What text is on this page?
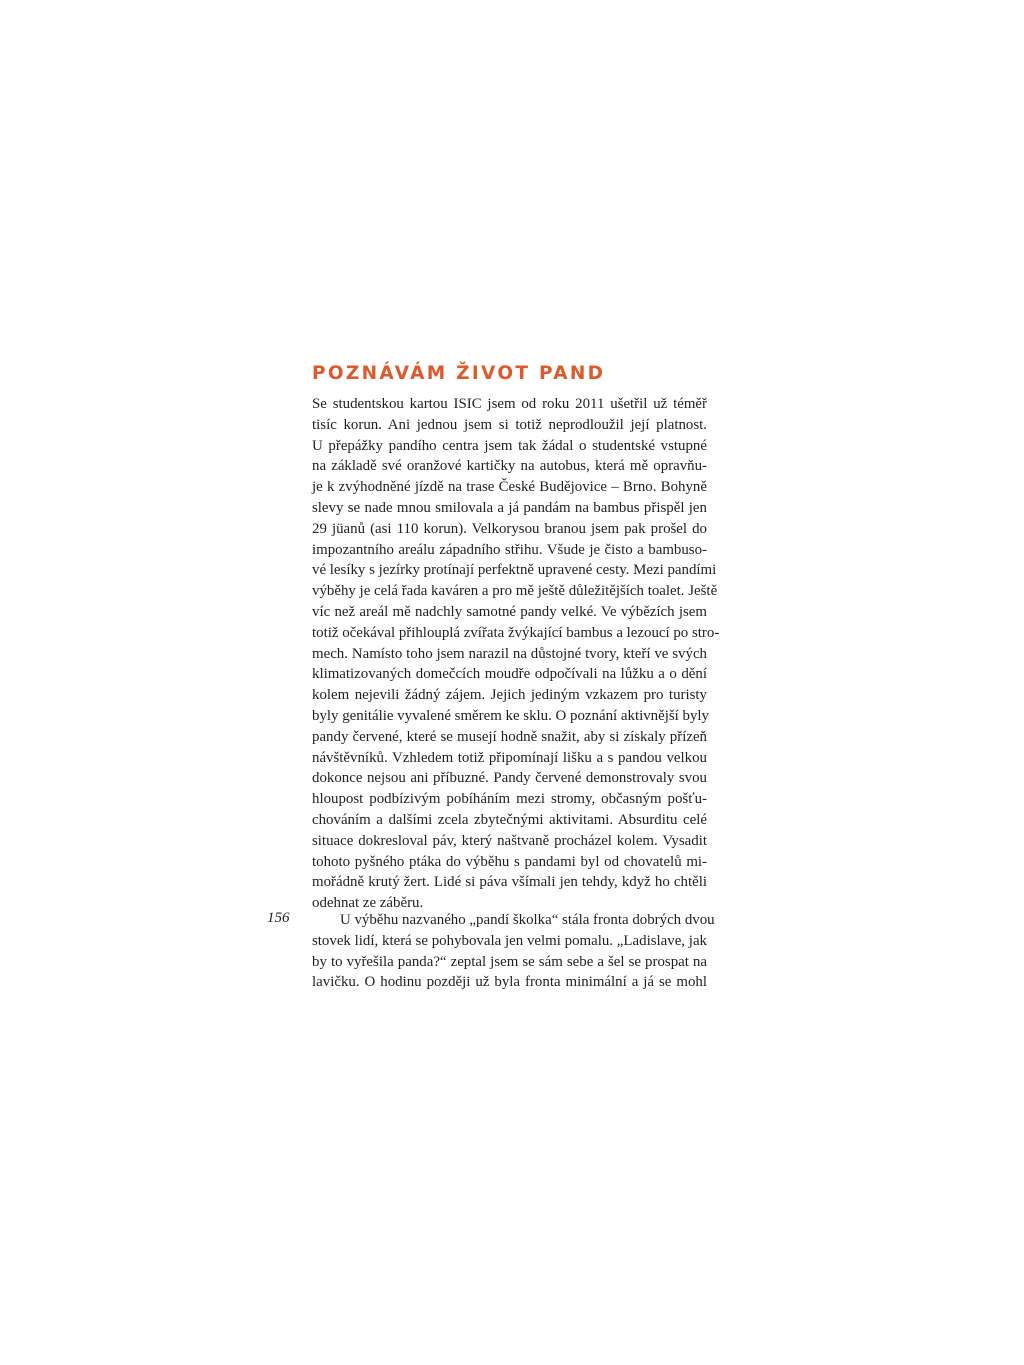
POZNÁVÁM ŽIVOT PAND
Se studentskou kartou ISIC jsem od roku 2011 ušetřil už téměř
tisíc korun. Ani jednou jsem si totiž neprodloužil její platnost.
U přepážky pandího centra jsem tak žádal o studentské vstupné
na základě své oranžové kartičky na autobus, která mě opravňu-
je k zvýhodněné jízdě na trase České Budějovice – Brno. Bohyně
slevy se nade mnou smilovala a já pandám na bambus přispěl jen
29 jüanů (asi 110 korun). Velkorysou branou jsem pak prošel do
impozantního areálu západního střihu. Všude je čisto a bambuso-
vé lesíky s jezírky protínají perfektně upravené cesty. Mezi pandími
výběhy je celá řada kaváren a pro mě ještě důležitějších toalet. Ještě
víc než areál mě nadchly samotné pandy velké. Ve výbězích jsem
totiž očekával přihlouplá zvířata žvýkající bambus a lezoucí po stro-
mech. Namísto toho jsem narazil na důstojné tvory, kteří ve svých
klimatizovaných domečcích moudře odpočívali na lůžku a o dění
kolem nejevili žádný zájem. Jejich jediným vzkazem pro turisty
byly genitálie vyvalené směrem ke sklu. O poznání aktivnější byly
pandy červené, které se musejí hodně snažit, aby si získaly přízeň
návštěvníků. Vzhledem totiž připomínají lišku a s pandou velkou
dokonce nejsou ani příbuzné. Pandy červené demonstrovaly svou
hloupost podbízivým pobíháním mezi stromy, občasným pošťu-
chováním a dalšími zcela zbytečnými aktivitami. Absurditu celé
situace dokresloval páv, který naštvaně procházel kolem. Vysadit
tohoto pyšného ptáka do výběhu s pandami byl od chovatelů mi-
mořádně krutý žert. Lidé si páva všímali jen tehdy, když ho chtěli
odehnat ze záběru.
156	U výběhu nazvaného „pandí školka“ stála fronta dobrých dvou
stovek lidí, která se pohybovala jen velmi pomalu. „Ladislave, jak
by to vyřešila panda?“ zeptal jsem se sám sebe a šel se prospat na
lavičku. O hodinu později už byla fronta minimální a já se mohl
